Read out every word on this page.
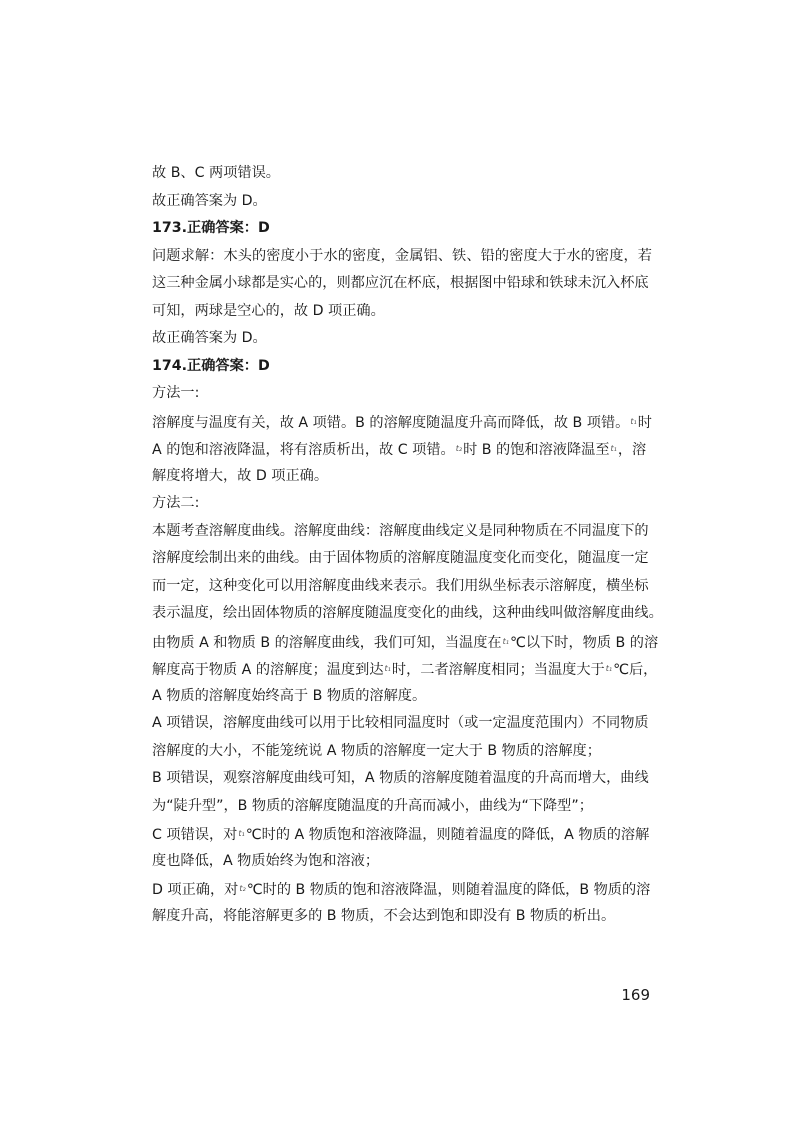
故 B、C 两项错误。
故正确答案为 D。
173.正确答案：D
问题求解：木头的密度小于水的密度，金属铝、铁、铅的密度大于水的密度，若
这三种金属小球都是实心的，则都应沉在杯底，根据图中铅球和铁球未沉入杯底
可知，两球是空心的，故 D 项正确。
故正确答案为 D。
174.正确答案：D
方法一:
溶解度与温度有关，故 A 项错。B 的溶解度随温度升高而降低，故 B 项错。$^{t_1}$时
A 的饱和溶液降温，将有溶质析出，故 C 项错。$^{t_2}$时 B 的饱和溶液降温至$^{t_1}$，溶
解度将增大，故 D 项正确。
方法二:
本题考查溶解度曲线。溶解度曲线：溶解度曲线定义是同种物质在不同温度下的
溶解度绘制出来的曲线。由于固体物质的溶解度随温度变化而变化，随温度一定
而一定，这种变化可以用溶解度曲线来表示。我们用纵坐标表示溶解度，横坐标
表示温度，绘出固体物质的溶解度随温度变化的曲线，这种曲线叫做溶解度曲线。
由物质 A 和物质 B 的溶解度曲线，我们可知，当温度在$^{t_1}$℃以下时，物质 B 的溶
解度高于物质 A 的溶解度；温度到达$^{t_1}$时，二者溶解度相同；当温度大于$^{t_1}$℃后，
A 物质的溶解度始终高于 B 物质的溶解度。
A 项错误，溶解度曲线可以用于比较相同温度时（或一定温度范围内）不同物质
溶解度的大小，不能笼统说 A 物质的溶解度一定大于 B 物质的溶解度；
B 项错误，观察溶解度曲线可知，A 物质的溶解度随着温度的升高而增大，曲线
为“陡升型”，B 物质的溶解度随温度的升高而减小，曲线为“下降型”；
C 项错误，对$^{t_1}$℃时的 A 物质饱和溶液降温，则随着温度的降低，A 物质的溶解
度也降低，A 物质始终为饱和溶液；
D 项正确，对$^{t_2}$℃时的 B 物质的饱和溶液降温，则随着温度的降低，B 物质的溶
解度升高，将能溶解更多的 B 物质，不会达到饱和即没有 B 物质的析出。
169
